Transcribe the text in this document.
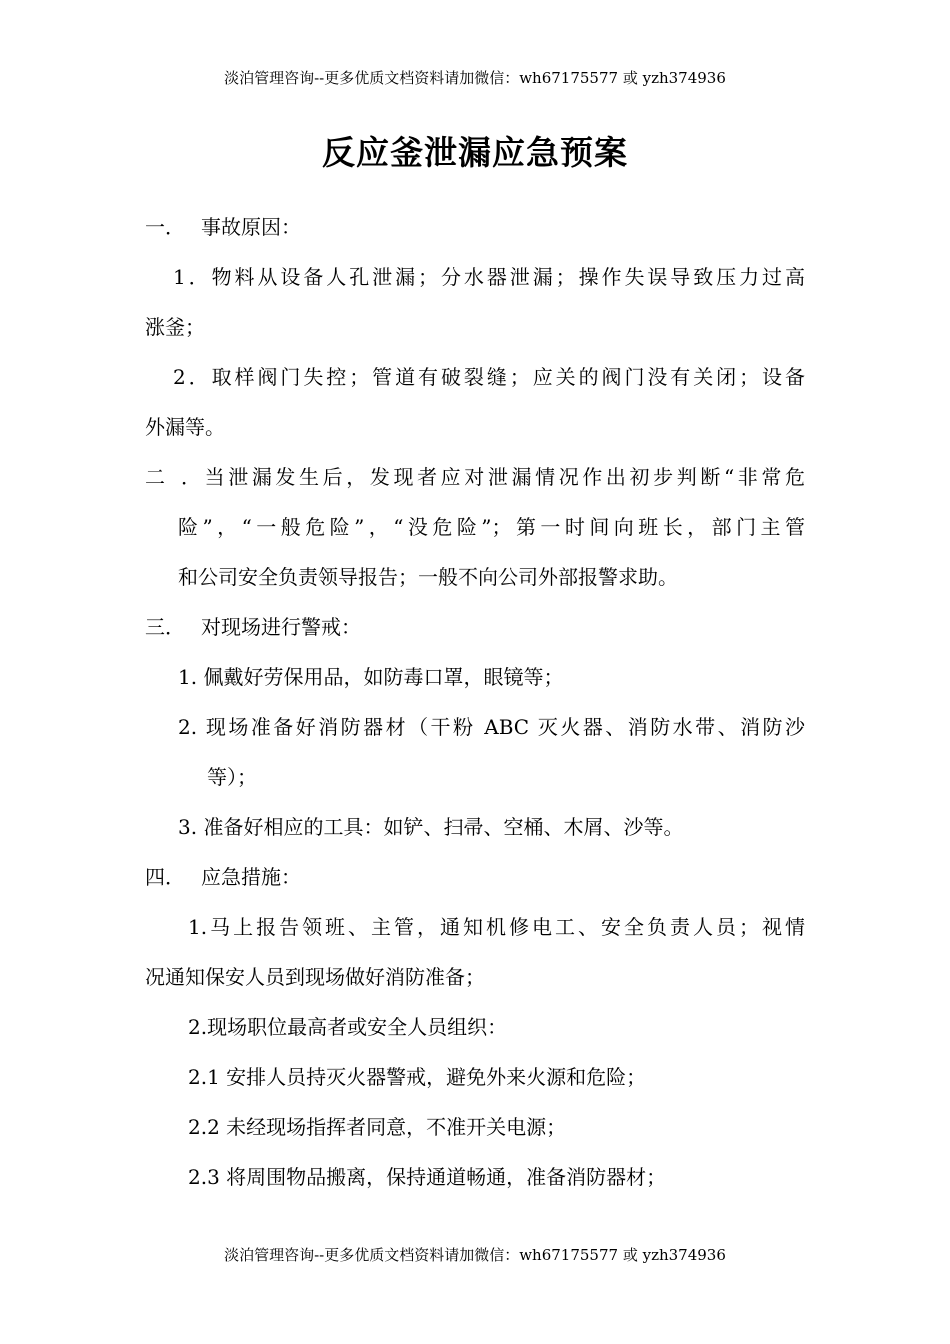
淡泊管理咨询--更多优质文档资料请加微信：wh67175577 或 yzh374936
反应釜泄漏应急预案
一． 事故原因：
1．物料从设备人孔泄漏；分水器泄漏；操作失误导致压力过高
涨釜；
2．取样阀门失控；管道有破裂缝；应关的阀门没有关闭；设备
外漏等。
二．当泄漏发生后，发现者应对泄漏情况作出初步判断“非常危
险”，“一般危险”，“没危险”；第一时间向班长，部门主管
和公司安全负责领导报告；一般不向公司外部报警求助。
三． 对现场进行警戒：
1. 佩戴好劳保用品，如防毒口罩，眼镜等；
2. 现场准备好消防器材（干粉 ABC 灭火器、消防水带、消防沙
等）；
3. 准备好相应的工具：如铲、扫帚、空桶、木屑、沙等。
四． 应急措施：
1.马上报告领班、主管，通知机修电工、安全负责人员；视情
况通知保安人员到现场做好消防准备；
2.现场职位最高者或安全人员组织：
2.1 安排人员持灭火器警戒，避免外来火源和危险；
2.2 未经现场指挥者同意，不准开关电源；
2.3 将周围物品搬离，保持通道畅通，准备消防器材；
淡泊管理咨询--更多优质文档资料请加微信：wh67175577 或 yzh374936
